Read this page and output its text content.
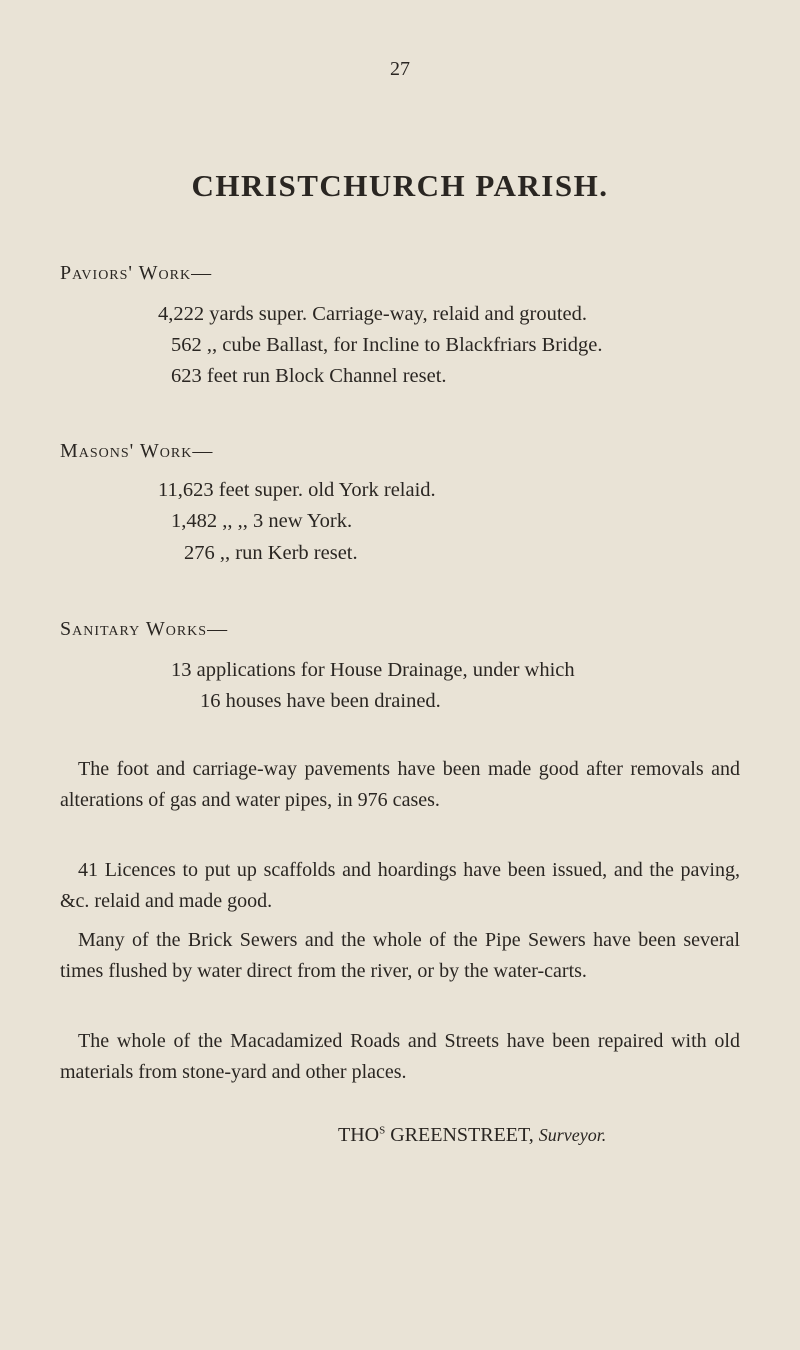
27
CHRISTCHURCH PARISH.
Paviors' Work—
4,222 yards super. Carriage-way, relaid and grouted.
562 ,, cube Ballast, for Incline to Blackfriars Bridge.
623 feet run Block Channel reset.
Masons' Work—
11,623 feet super. old York relaid.
1,482 ,, ,, 3 new York.
276 ,, run Kerb reset.
Sanitary Works—
13 applications for House Drainage, under which
16 houses have been drained.

The foot and carriage-way pavements have been made good after removals and alterations of gas and water pipes, in 976 cases.

41 Licences to put up scaffolds and hoardings have been issued, and the paving, &c. relaid and made good.

Many of the Brick Sewers and the whole of the Pipe Sewers have been several times flushed by water direct from the river, or by the water-carts.

The whole of the Macadamized Roads and Streets have been repaired with old materials from stone-yard and other places.

$THO^S$ GREENSTREET, Surveyor.
